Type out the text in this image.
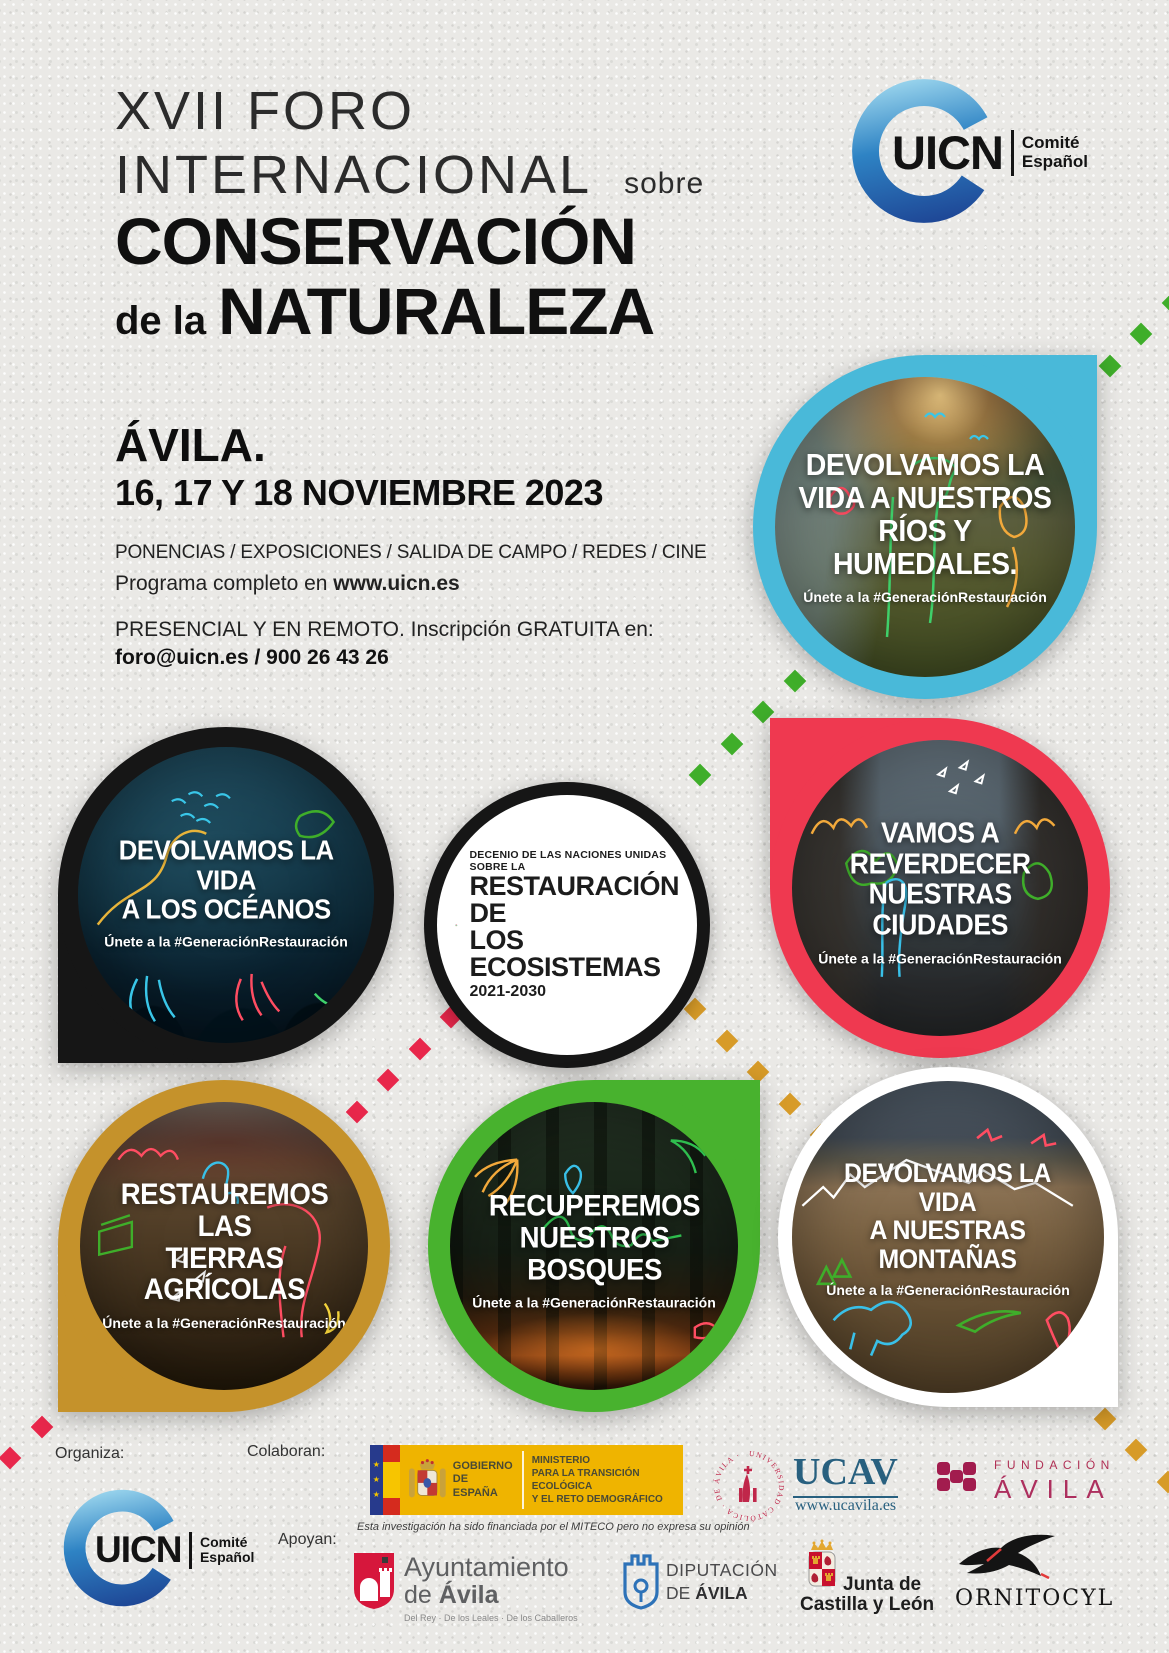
XVII FORO
INTERNACIONAL sobre
CONSERVACIÓN
de la NATURALEZA
ÁVILA.
16, 17 Y 18 NOVIEMBRE 2023
PONENCIAS / EXPOSICIONES / SALIDA DE CAMPO / REDES / CINE
Programa completo en www.uicn.es
PRESENCIAL Y EN REMOTO. Inscripción GRATUITA en:
foro@uicn.es / 900 26 43 26
UICN Comité
Español
DEVOLVAMOS LA
VIDA A NUESTROS
RÍOS Y HUMEDALES.
Únete a la #GeneraciónRestauración
DEVOLVAMOS LA VIDA
A LOS OCÉANOS
Únete a la #GeneraciónRestauración
DECENIO DE LAS NACIONES UNIDAS SOBRE LA
RESTAURACIÓN DE
LOS ECOSISTEMAS
2021-2030
VAMOS A REVERDECER
NUESTRAS CIUDADES
Únete a la #GeneraciónRestauración
RESTAUREMOS LAS
TIERRAS AGRÍCOLAS
Únete a la #GeneraciónRestauración
RECUPEREMOS
NUESTROS BOSQUES
Únete a la #GeneraciónRestauración
DEVOLVAMOS LA VIDA
A NUESTRAS MONTAÑAS
Únete a la #GeneraciónRestauración
Organiza:	Colaboran:
Apoyan:
★
★
★
GOBIERNO
DE ESPAÑA
MINISTERIO
PARA LA TRANSICIÓN ECOLÓGICA
Y EL RETO DEMOGRÁFICO
Esta investigación ha sido financiada por el MITECO pero no expresa su opinión
UNIVERSIDAD CATÓLICA · DE ÁVILA ·	UCAV
www.ucavila.es
FUNDACIÓN
ÁVILA
UICN Comité
Español	Ayuntamiento
de Ávila
Del Rey · De los Leales · De los Caballeros
DIPUTACIÓN
DE ÁVILA	Junta de
Castilla y León ORNITOCYL
